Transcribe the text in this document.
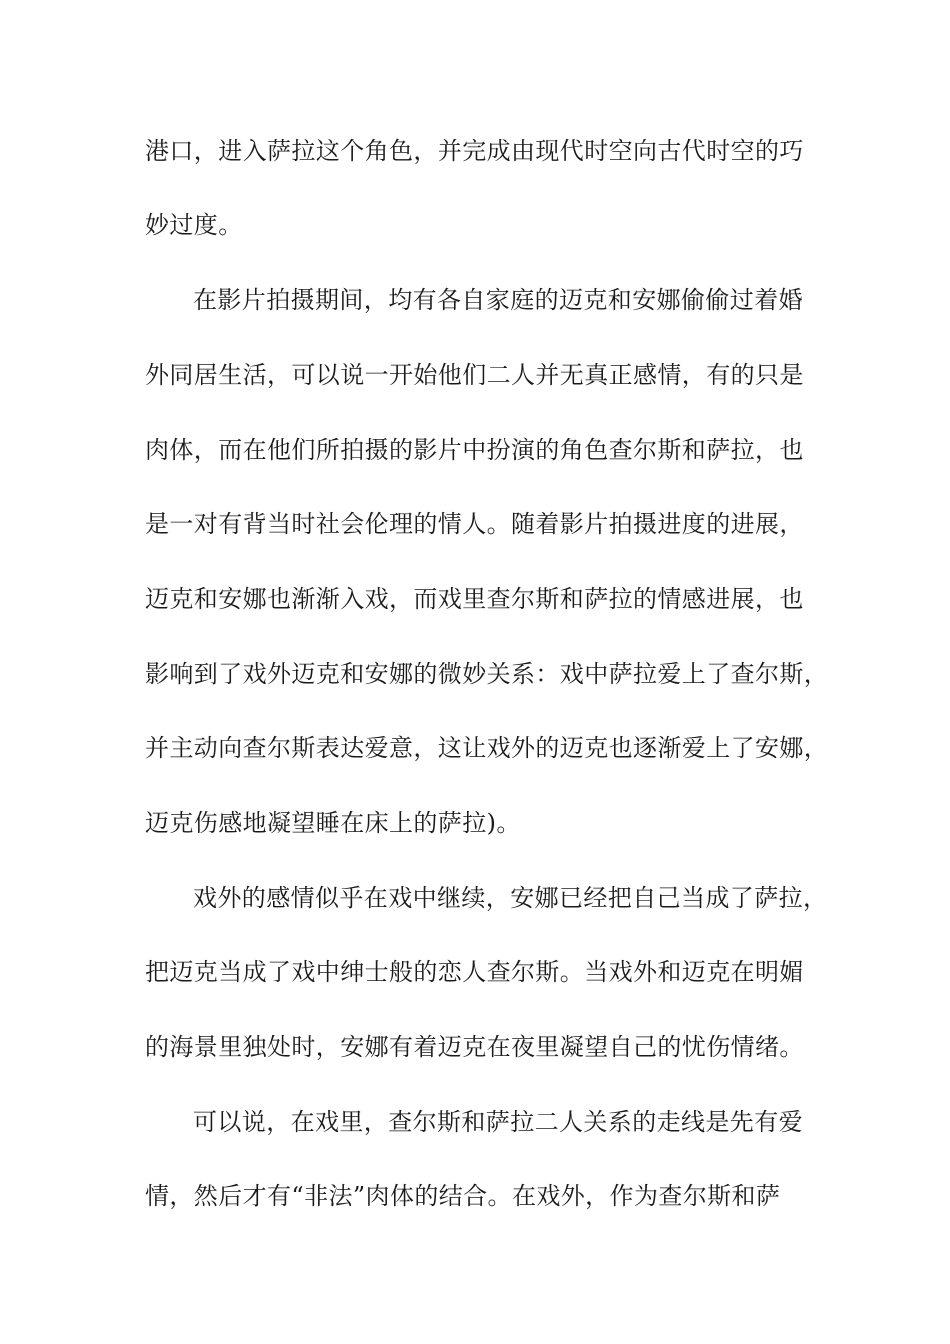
港口，进入萨拉这个角色，并完成由现代时空向古代时空的巧
妙过度。
在影片拍摄期间，均有各自家庭的迈克和安娜偷偷过着婚
外同居生活，可以说一开始他们二人并无真正感情，有的只是
肉体，而在他们所拍摄的影片中扮演的角色查尔斯和萨拉，也
是一对有背当时社会伦理的情人。随着影片拍摄进度的进展，
迈克和安娜也渐渐入戏，而戏里查尔斯和萨拉的情感进展，也
影响到了戏外迈克和安娜的微妙关系：戏中萨拉爱上了查尔斯，
并主动向查尔斯表达爱意，这让戏外的迈克也逐渐爱上了安娜，
迈克伤感地凝望睡在床上的萨拉)。
戏外的感情似乎在戏中继续，安娜已经把自己当成了萨拉，
把迈克当成了戏中绅士般的恋人查尔斯。当戏外和迈克在明媚
的海景里独处时，安娜有着迈克在夜里凝望自己的忧伤情绪。
可以说，在戏里，查尔斯和萨拉二人关系的走线是先有爱
情，然后才有“非法”肉体的结合。在戏外，作为查尔斯和萨
